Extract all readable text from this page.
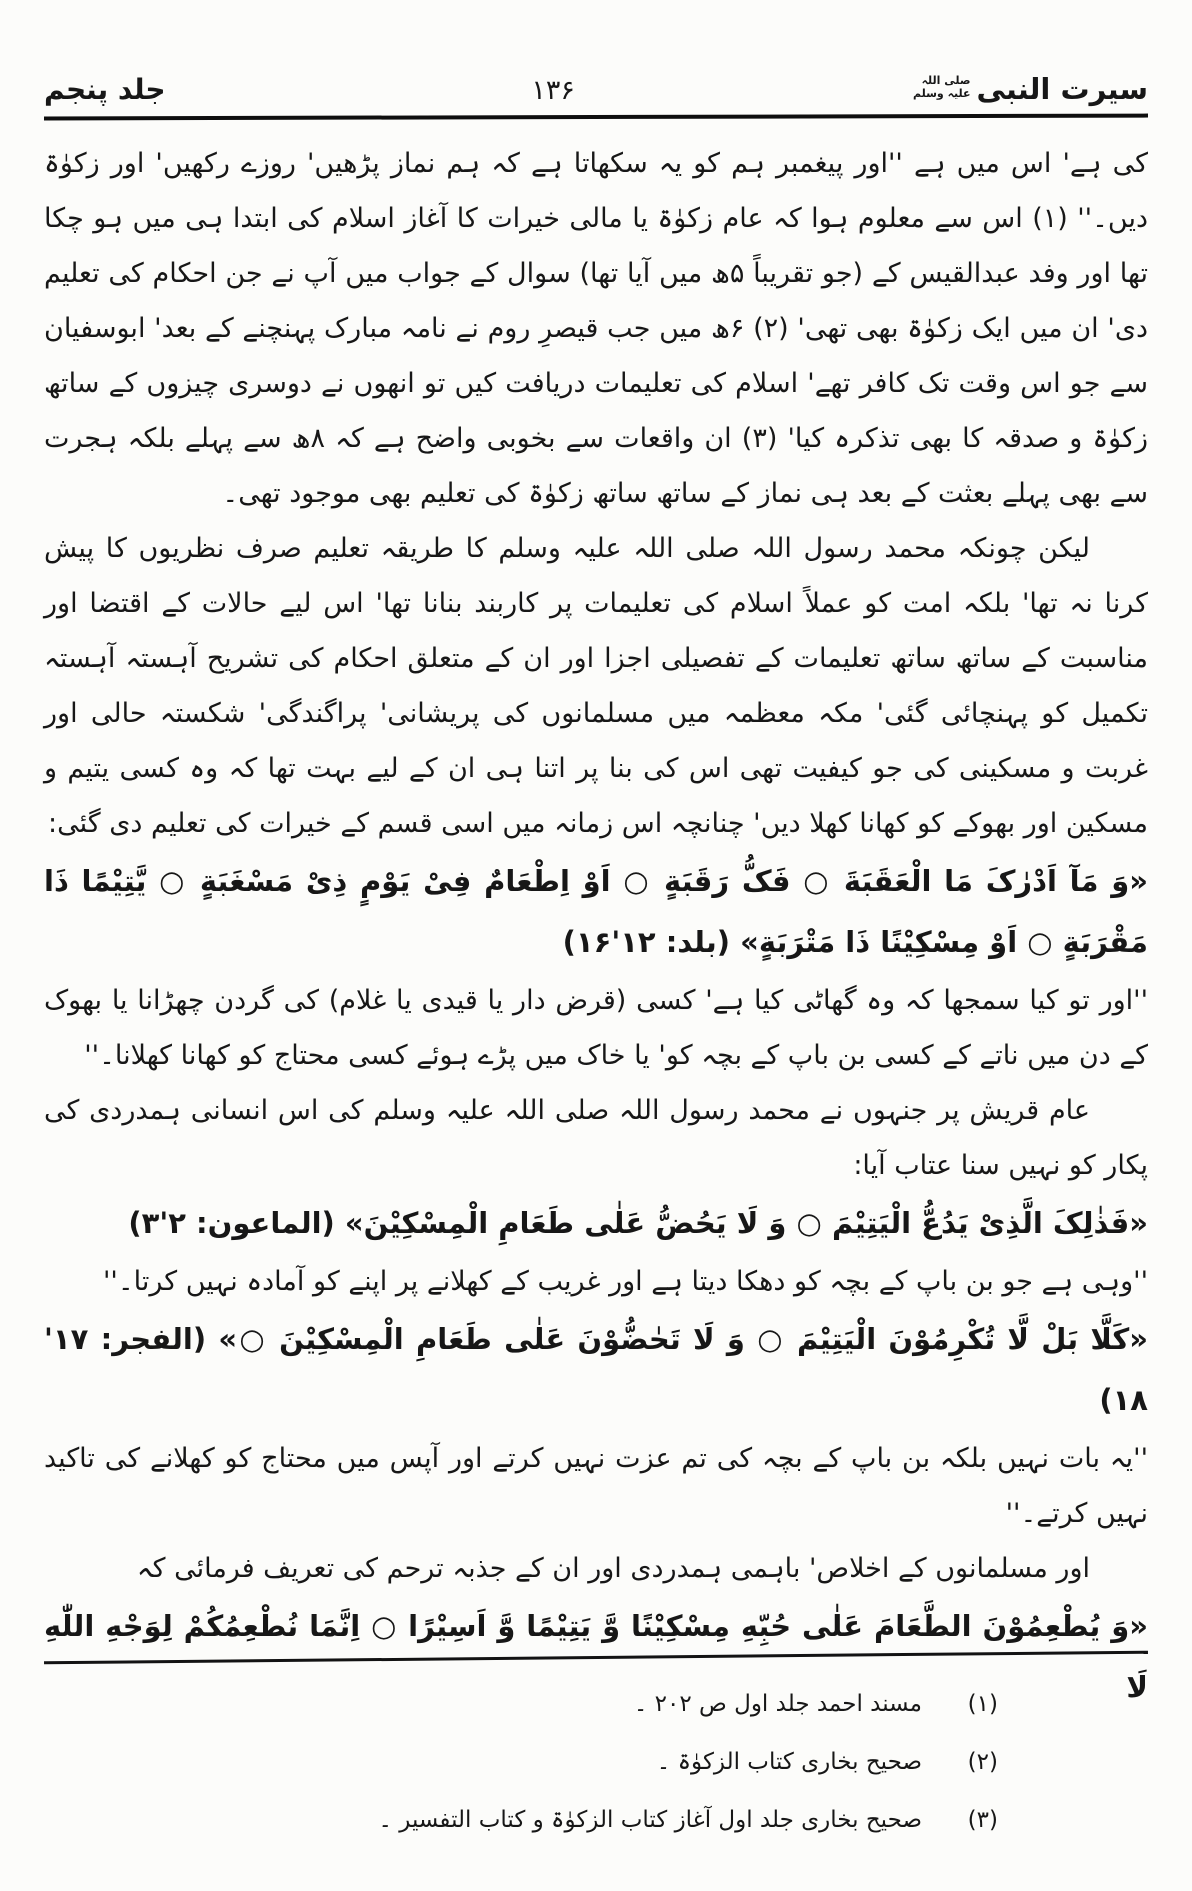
سیرت النبی
صلی اللہ علیہ وسلم
۱۳۶
جلد پنجم

کی ہے' اس میں ہے ''اور پیغمبر ہم کو یہ سکھاتا ہے کہ ہم نماز پڑھیں' روزے رکھیں' اور زکوٰۃ دیں۔'' (۱) اس سے معلوم ہوا کہ عام زکوٰۃ یا مالی خیرات کا آغاز اسلام کی ابتدا ہی میں ہو چکا تھا اور وفد عبدالقیس کے (جو تقریباً ۵ھ میں آیا تھا) سوال کے جواب میں آپ نے جن احکام کی تعلیم دی' ان میں ایک زکوٰۃ بھی تھی' (۲) ۶ھ میں جب قیصرِ روم نے نامہ مبارک پہنچنے کے بعد' ابوسفیان سے جو اس وقت تک کافر تھے' اسلام کی تعلیمات دریافت کیں تو انھوں نے دوسری چیزوں کے ساتھ زکوٰۃ و صدقہ کا بھی تذکرہ کیا' (۳) ان واقعات سے بخوبی واضح ہے کہ ۸ھ سے پہلے بلکہ ہجرت سے بھی پہلے بعثت کے بعد ہی نماز کے ساتھ ساتھ زکوٰۃ کی تعلیم بھی موجود تھی۔

لیکن چونکہ محمد رسول اللہ صلی اللہ علیہ وسلم کا طریقہ تعلیم صرف نظریوں کا پیش کرنا نہ تھا' بلکہ امت کو عملاً اسلام کی تعلیمات پر کاربند بنانا تھا' اس لیے حالات کے اقتضا اور مناسبت کے ساتھ ساتھ تعلیمات کے تفصیلی اجزا اور ان کے متعلق احکام کی تشریح آہستہ آہستہ تکمیل کو پہنچائی گئی' مکہ معظمہ میں مسلمانوں کی پریشانی' پراگندگی' شکستہ حالی اور غربت و مسکینی کی جو کیفیت تھی اس کی بنا پر اتنا ہی ان کے لیے بہت تھا کہ وہ کسی یتیم و مسکین اور بھوکے کو کھانا کھلا دیں' چنانچہ اس زمانہ میں اسی قسم کے خیرات کی تعلیم دی گئی:

«وَ مَآ اَدْرٰکَ مَا الْعَقَبَةَ ○ فَکُّ رَقَبَةٍ ○ اَوْ اِطْعَامٌ فِیْ یَوْمٍ ذِیْ مَسْغَبَةٍ ○ یَّتِیْمًا ذَا مَقْرَبَةٍ ○ اَوْ مِسْکِیْنًا ذَا مَتْرَبَةٍ» (بلد: ۱۲'۱۶)

''اور تو کیا سمجھا کہ وہ گھاٹی کیا ہے' کسی (قرض دار یا قیدی یا غلام) کی گردن چھڑانا یا بھوک کے دن میں ناتے کے کسی بن باپ کے بچہ کو' یا خاک میں پڑے ہوئے کسی محتاج کو کھانا کھلانا۔''

عام قریش پر جنہوں نے محمد رسول اللہ صلی اللہ علیہ وسلم کی اس انسانی ہمدردی کی پکار کو نہیں سنا عتاب آیا:

«فَذٰلِکَ الَّذِیْ یَدُعُّ الْیَتِیْمَ ○ وَ لَا یَحُضُّ عَلٰی طَعَامِ الْمِسْکِیْنَ» (الماعون: ۲'۳)

''وہی ہے جو بن باپ کے بچہ کو دھکا دیتا ہے اور غریب کے کھلانے پر اپنے کو آمادہ نہیں کرتا۔''

«کَلَّا بَلْ لَّا تُکْرِمُوْنَ الْیَتِیْمَ ○ وَ لَا تَحٰضُّوْنَ عَلٰی طَعَامِ الْمِسْکِیْنَ ○» (الفجر: ۱۷' ۱۸)

''یہ بات نہیں بلکہ بن باپ کے بچہ کی تم عزت نہیں کرتے اور آپس میں محتاج کو کھلانے کی تاکید نہیں کرتے۔''

اور مسلمانوں کے اخلاص' باہمی ہمدردی اور ان کے جذبہ ترحم کی تعریف فرمائی کہ

«وَ یُطْعِمُوْنَ الطَّعَامَ عَلٰی حُبِّهِ مِسْکِیْنًا وَّ یَتِیْمًا وَّ اَسِیْرًا ○ اِنَّمَا نُطْعِمُکُمْ لِوَجْهِ اللّٰهِ لَا

(۱)
مسند احمد جلد اول ص ۲۰۲ ۔
(۲)
صحیح بخاری کتاب الزکوٰۃ ۔
(۳)
صحیح بخاری جلد اول آغاز کتاب الزکوٰۃ و کتاب التفسیر ۔
